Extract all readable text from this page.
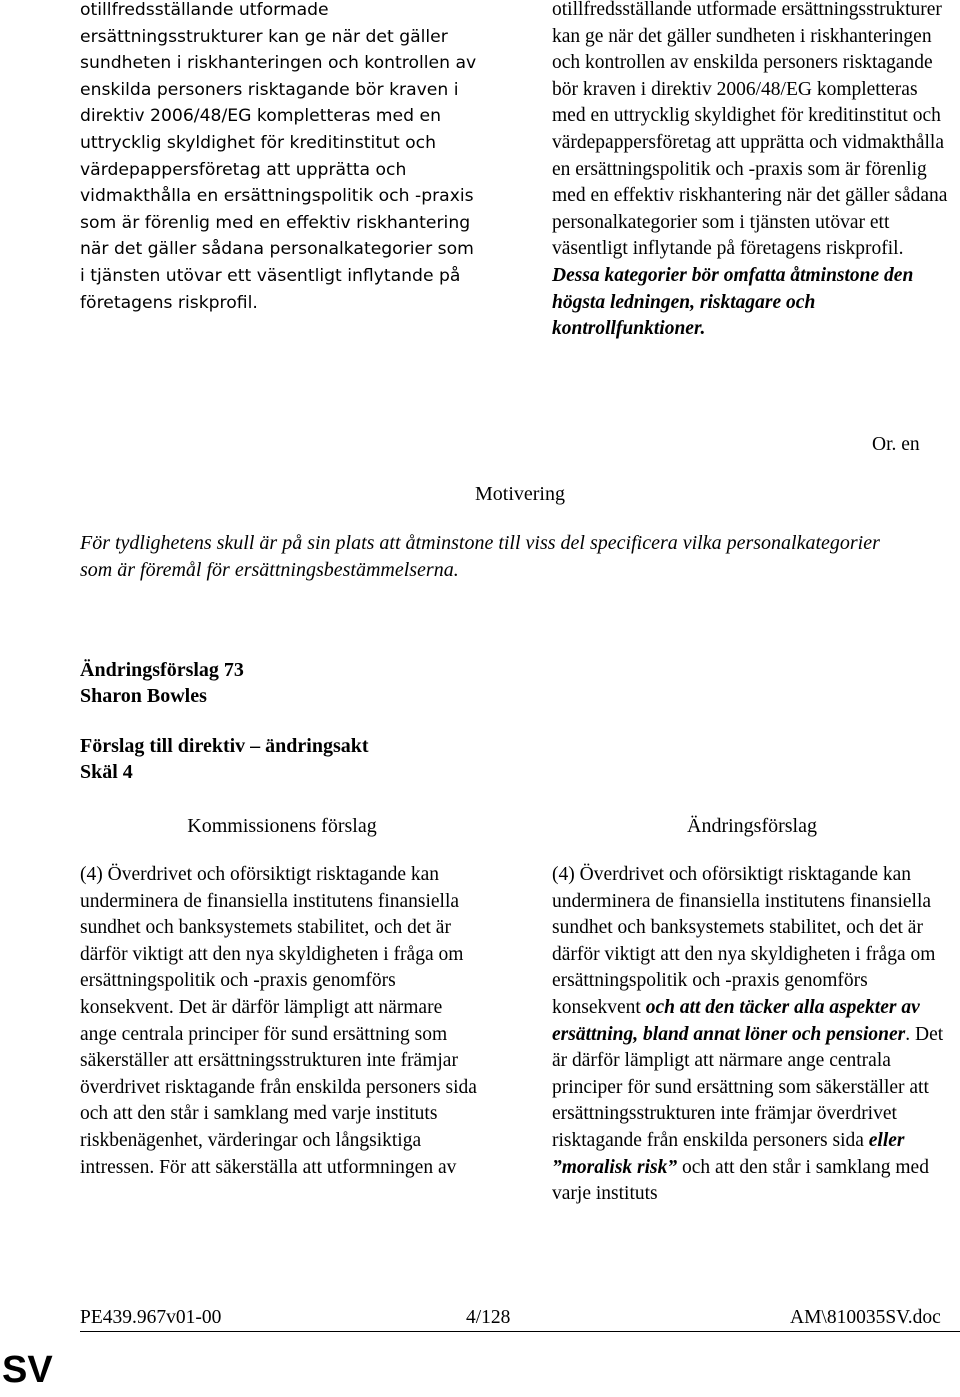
otillfredsställande utformade ersättningsstrukturer kan ge när det gäller sundheten i riskhanteringen och kontrollen av enskilda personers risktagande bör kraven i direktiv 2006/48/EG kompletteras med en uttrycklig skyldighet för kreditinstitut och värdepappersföretag att upprätta och vidmakthålla en ersättningspolitik och -praxis som är förenlig med en effektiv riskhantering när det gäller sådana personalkategorier som i tjänsten utövar ett väsentligt inflytande på företagens riskprofil.
otillfredsställande utformade ersättningsstrukturer kan ge när det gäller sundheten i riskhanteringen och kontrollen av enskilda personers risktagande bör kraven i direktiv 2006/48/EG kompletteras med en uttrycklig skyldighet för kreditinstitut och värdepappersföretag att upprätta och vidmakthålla en ersättningspolitik och -praxis som är förenlig med en effektiv riskhantering när det gäller sådana personalkategorier som i tjänsten utövar ett väsentligt inflytande på företagens riskprofil. Dessa kategorier bör omfatta åtminstone den högsta ledningen, risktagare och kontrollfunktioner.
Or. en
Motivering
För tydlighetens skull är på sin plats att åtminstone till viss del specificera vilka personalkategorier som är föremål för ersättningsbestämmelserna.
Ändringsförslag 73
Sharon Bowles
Förslag till direktiv – ändringsakt
Skäl 4
Kommissionens förslag	Ändringsförslag
(4) Överdrivet och oförsiktigt risktagande kan underminera de finansiella institutens finansiella sundhet och banksystemets stabilitet, och det är därför viktigt att den nya skyldigheten i fråga om ersättningspolitik och -praxis genomförs konsekvent. Det är därför lämpligt att närmare ange centrala principer för sund ersättning som säkerställer att ersättningsstrukturen inte främjar överdrivet risktagande från enskilda personers sida och att den står i samklang med varje instituts riskbenägenhet, värderingar och långsiktiga intressen. För att säkerställa att utformningen av
(4) Överdrivet och oförsiktigt risktagande kan underminera de finansiella institutens finansiella sundhet och banksystemets stabilitet, och det är därför viktigt att den nya skyldigheten i fråga om ersättningspolitik och -praxis genomförs konsekvent och att den täcker alla aspekter av ersättning, bland annat löner och pensioner. Det är därför lämpligt att närmare ange centrala principer för sund ersättning som säkerställer att ersättningsstrukturen inte främjar överdrivet risktagande från enskilda personers sida eller ”moralisk risk” och att den står i samklang med varje instituts
PE439.967v01-00	4/128	AM\810035SV.doc
SV
